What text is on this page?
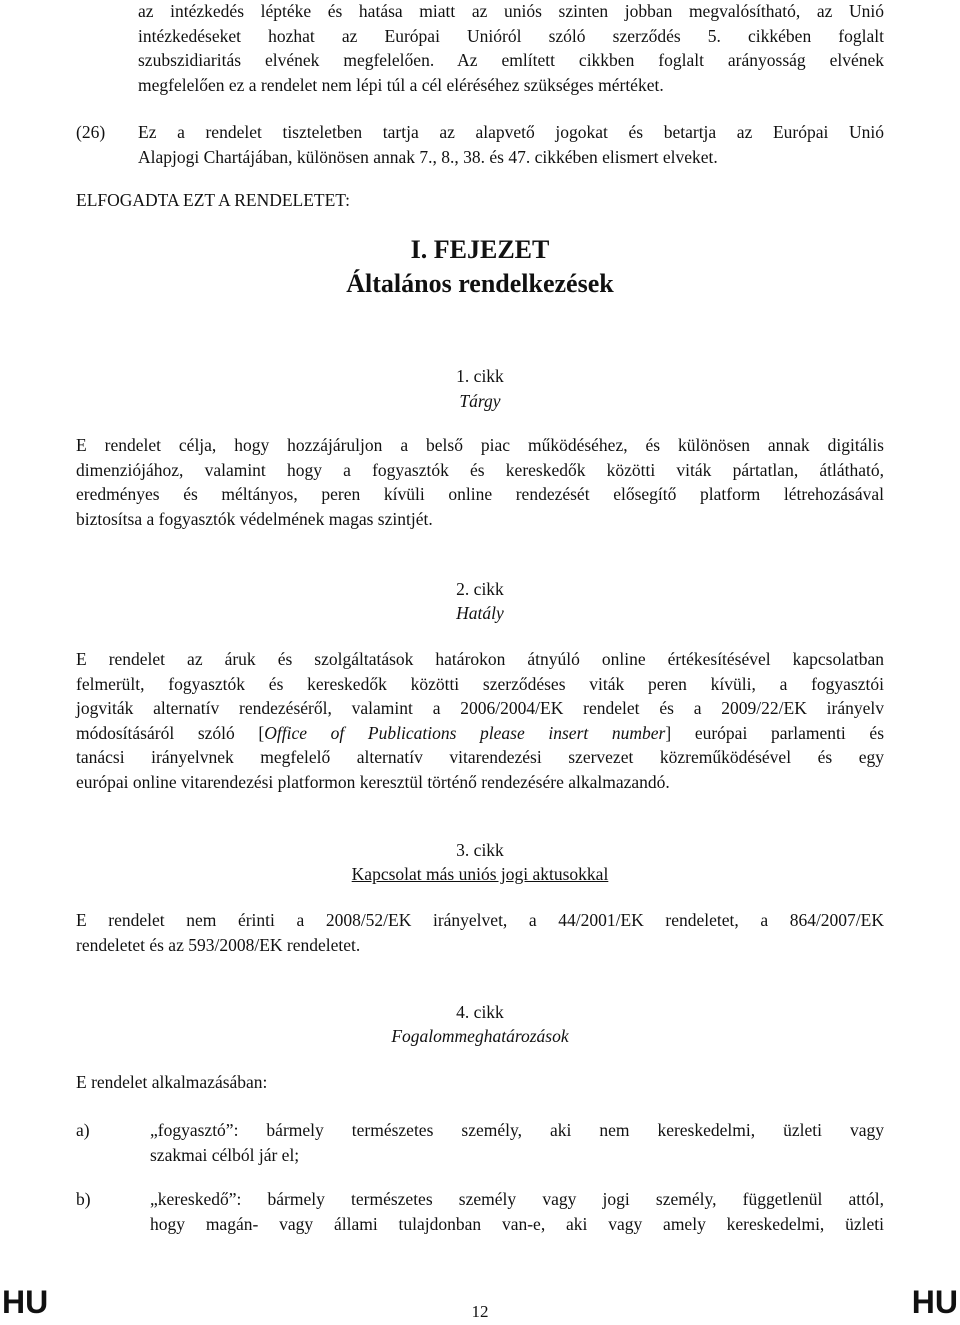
az intézkedés léptéke és hatása miatt az uniós szinten jobban megvalósítható, az Unió
intézkedéseket hozhat az Európai Unióról szóló szerződés 5. cikkében foglalt
szubszidiaritás elvének megfelelően. Az említett cikkben foglalt arányosság elvének
megfelelően ez a rendelet nem lépi túl a cél eléréséhez szükséges mértéket.
(26) Ez a rendelet tiszteletben tartja az alapvető jogokat és betartja az Európai Unió
Alapjogi Chartájában, különösen annak 7., 8., 38. és 47. cikkében elismert elveket.
ELFOGADTA EZT A RENDELETET:
I. FEJEZET
Általános rendelkezések
1. cikk
Tárgy
E rendelet célja, hogy hozzájáruljon a belső piac működéséhez, és különösen annak digitális
dimenziójához, valamint hogy a fogyasztók és kereskedők közötti viták pártatlan, átlátható,
eredményes és méltányos, peren kívüli online rendezését elősegítő platform létrehozásával
biztosítsa a fogyasztók védelmének magas szintjét.
2. cikk
Hatály
E rendelet az áruk és szolgáltatások határokon átnyúló online értékesítésével kapcsolatban
felmerült, fogyasztók és kereskedők közötti szerződéses viták peren kívüli, a fogyasztói
jogviták alternatív rendezéséről, valamint a 2006/2004/EK rendelet és a 2009/22/EK irányelv
módosításáról szóló [Office of Publications please insert number] európai parlamenti és
tanácsi irányelvnek megfelelő alternatív vitarendezési szervezet közreműködésével és egy
európai online vitarendezési platformon keresztül történő rendezésére alkalmazandó.
3. cikk
Kapcsolat más uniós jogi aktusokkal
E rendelet nem érinti a 2008/52/EK irányelvet, a 44/2001/EK rendeletet, a 864/2007/EK
rendeletet és az 593/2008/EK rendeletet.
4. cikk
Fogalommeghatározások
E rendelet alkalmazásában:
a)	„fogyasztó”: bármely természetes személy, aki nem kereskedelmi, üzleti vagy
szakmai célból jár el;
b)	„kereskedő”: bármely természetes személy vagy jogi személy, függetlenül attól,
hogy magán- vagy állami tulajdonban van-e, aki vagy amely kereskedelmi, üzleti
HU	12	HU
